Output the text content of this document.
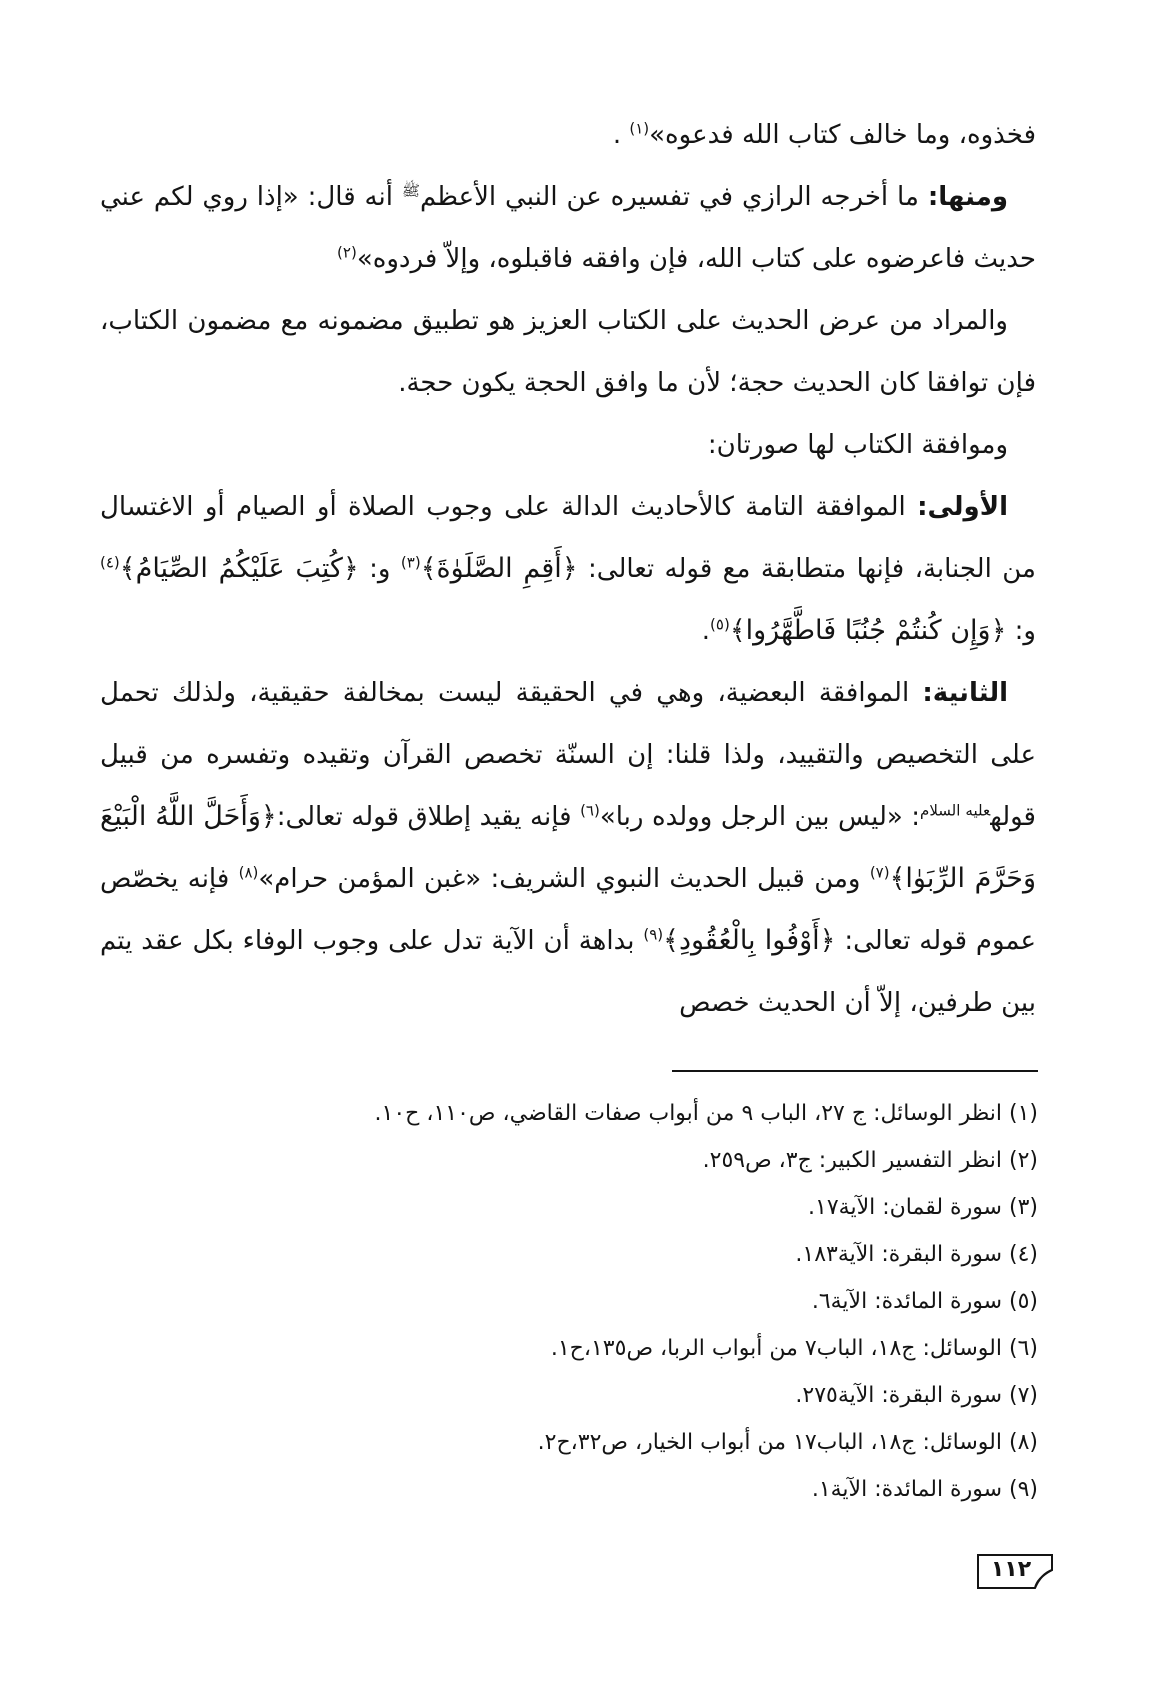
فخذوه، وما خالف كتاب الله فدعوه»$^{(١)}$ .

ومنها: ما أخرجه الرازي في تفسيره عن النبي الأعظم$^ﷺ$ أنه قال: «إذا روي لكم عني حديث فاعرضوه على كتاب الله، فإن وافقه فاقبلوه، وإلاّ فردوه»$^{(٢)}$

والمراد من عرض الحديث على الكتاب العزيز هو تطبيق مضمونه مع مضمون الكتاب، فإن توافقا كان الحديث حجة؛ لأن ما وافق الحجة يكون حجة.

وموافقة الكتاب لها صورتان:

الأولى: الموافقة التامة كالأحاديث الدالة على وجوب الصلاة أو الصيام أو الاغتسال من الجنابة، فإنها متطابقة مع قوله تعالى: ﴿أَقِمِ الصَّلَوٰةَ﴾$^{(٣)}$ و: ﴿كُتِبَ عَلَيْكُمُ الصِّيَامُ﴾$^{(٤)}$ و: ﴿وَإِن كُنتُمْ جُنُبًا فَاطَّهَّرُوا﴾$^{(٥)}$.

الثانية: الموافقة البعضية، وهي في الحقيقة ليست بمخالفة حقيقية، ولذلك تحمل على التخصيص والتقييد، ولذا قلنا: إن السنّة تخصص القرآن وتقيده وتفسره من قبيل قوله$^{عليه السلام}$: «ليس بين الرجل وولده ربا»$^{(٦)}$ فإنه يقيد إطلاق قوله تعالى:﴿وَأَحَلَّ اللَّهُ الْبَيْعَ وَحَرَّمَ الرِّبَوٰا﴾$^{(٧)}$ ومن قبيل الحديث النبوي الشريف: «غبن المؤمن حرام»$^{(٨)}$ فإنه يخصّص عموم قوله تعالى: ﴿أَوْفُوا بِالْعُقُودِ﴾$^{(٩)}$ بداهة أن الآية تدل على وجوب الوفاء بكل عقد يتم بين طرفين، إلاّ أن الحديث خصص

(١) انظر الوسائل: ج ٢٧، الباب ٩ من أبواب صفات القاضي، ص١١٠، ح١٠.
(٢) انظر التفسير الكبير: ج٣، ص٢٥٩.
(٣) سورة لقمان: الآية١٧.
(٤) سورة البقرة: الآية١٨٣.
(٥) سورة المائدة: الآية٦.
(٦) الوسائل: ج١٨، الباب٧ من أبواب الربا، ص١٣٥،ح١.
(٧) سورة البقرة: الآية٢٧٥.
(٨) الوسائل: ج١٨، الباب١٧ من أبواب الخيار، ص٣٢،ح٢.
(٩) سورة المائدة: الآية١.
١١٢
